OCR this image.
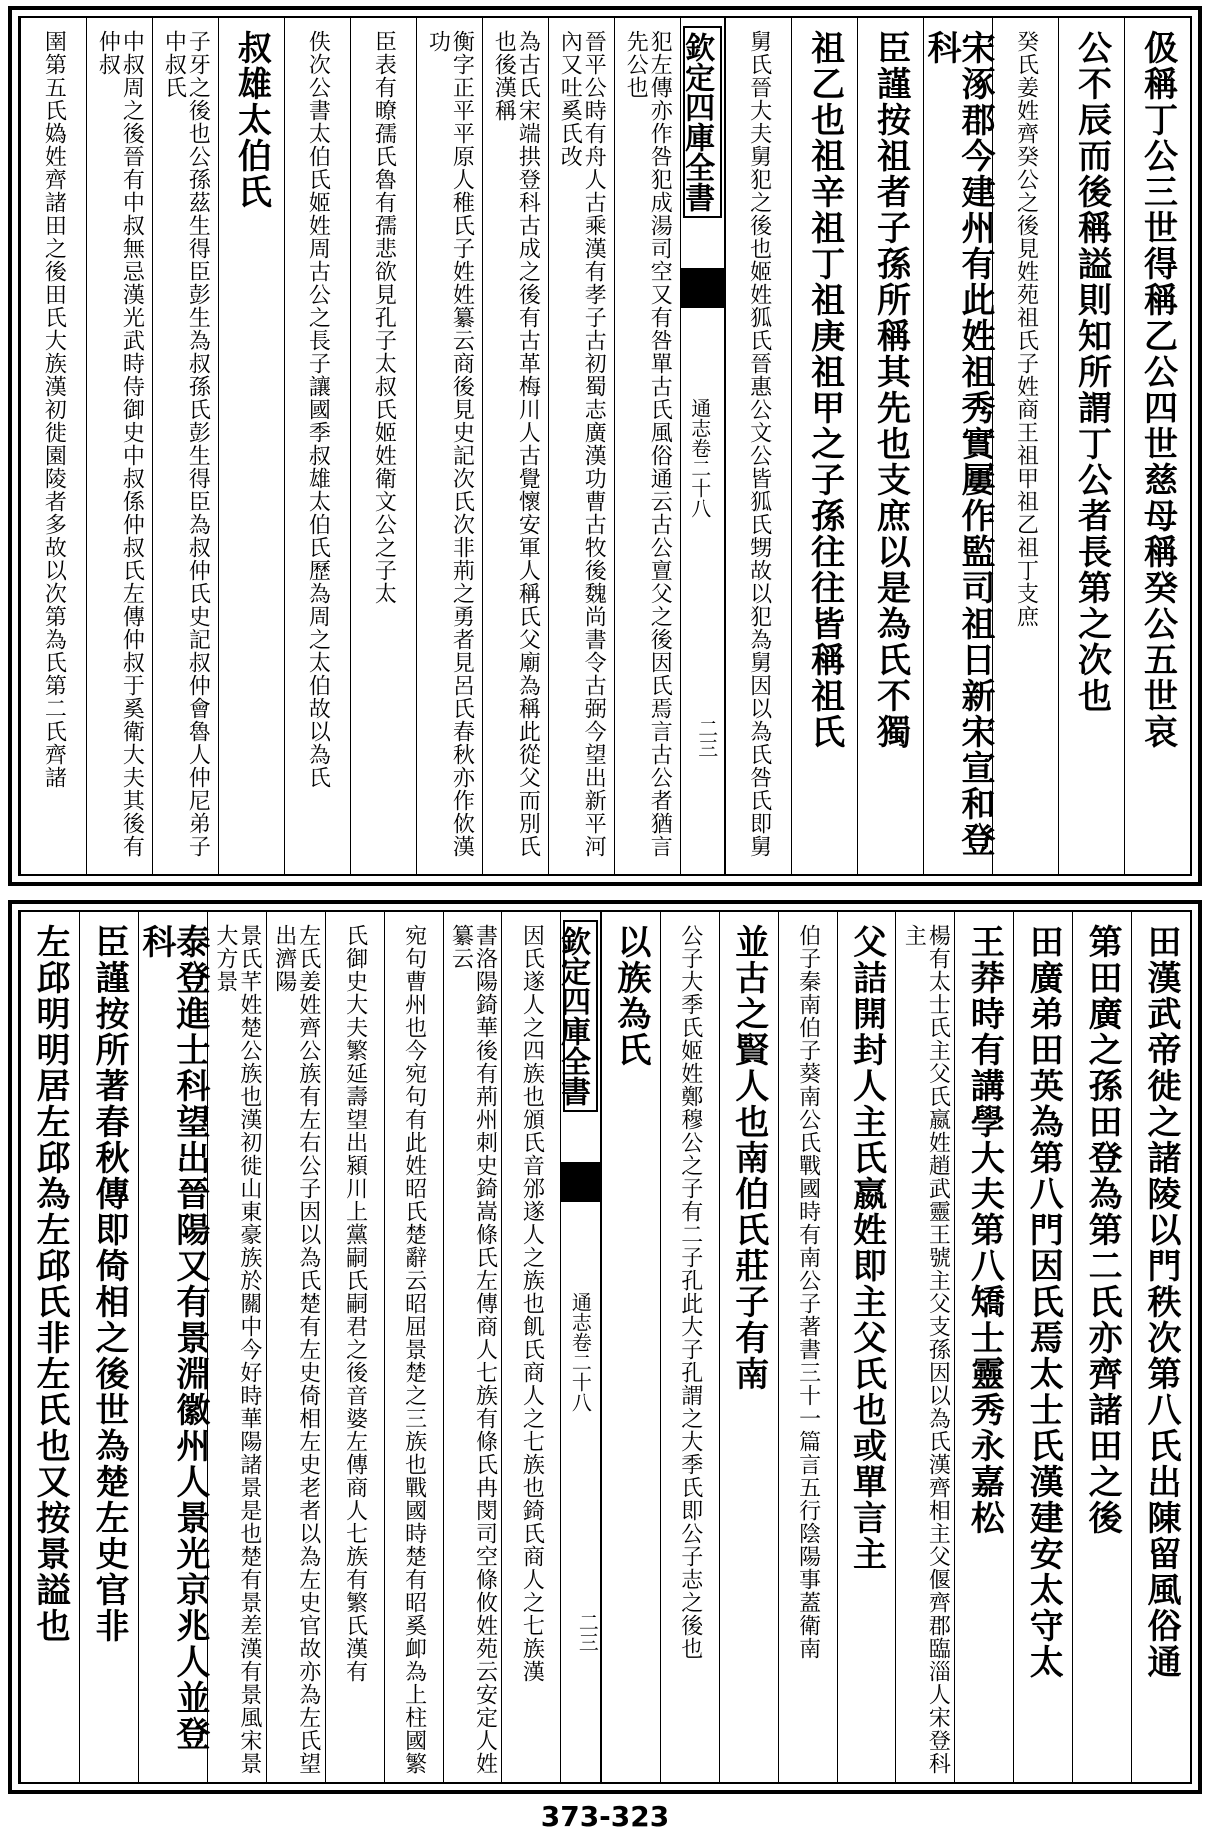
伋稱丁公三世得稱乙公四世慈母稱癸公五世哀
公不辰而後稱謚則知所謂丁公者長第之次也
癸氏姜姓齊癸公之後見姓苑祖氏子姓商王祖甲祖乙祖丁支庶
宋涿郡今建州有此姓祖秀實屢作監司祖日新宋宣和登科
臣謹按祖者子孫所稱其先也支庶以是為氏不獨
祖乙也祖辛祖丁祖庚祖甲之子孫往往皆稱祖氏
舅氏晉大夫舅犯之後也姬姓狐氏晉惠公文公皆狐氏甥故以犯為舅因以為氏咎氏即舅
欽定四庫全書
通志卷二十八
二三
犯左傳亦作咎犯成湯司空又有咎單古氏風俗通云古公亶父之後因氏焉言古公者猶言先公也
晉平公時有舟人古乘漢有孝子古初蜀志廣漢功曹古牧後魏尚書令古弼今望出新平河內又吐奚氏改
為古氏宋端拱登科古成之後有古革梅川人古覺懷安軍人稱氏父廟為稱此從父而別氏也後漢稱
衡字正平平原人稚氏子姓姓纂云商後見史記次氏次非荊之勇者見呂氏春秋亦作佽漢功
臣表有暸孺氏魯有孺悲欲見孔子太叔氏姬姓衛文公之子太
佚次公書太伯氏姬姓周古公之長子讓國季叔雄太伯氏歷為周之太伯故以為氏
叔雄太伯氏
子牙之後也公孫茲生得臣彭生為叔孫氏彭生得臣為叔仲氏史記叔仲會魯人仲尼弟子中叔氏
中叔周之後晉有中叔無忌漢光武時侍御史中叔係仲叔氏左傳仲叔于奚衛大夫其後有仲叔
圉第五氏媯姓齊諸田之後田氏大族漢初徙園陵者多故以次第為氏第二氏齊諸
田漢武帝徙之諸陵以門秩次第八氏出陳留風俗通
第田廣之孫田登為第二氏亦齊諸田之後
田廣弟田英為第八門因氏焉太士氏漢建安太守太
王莽時有講學大夫第八矯士靈秀永嘉松
楊有太士氏主父氏嬴姓趙武靈王號主父支孫因以為氏漢齊相主父偃齊郡臨淄人宋登科主
父詰開封人主氏嬴姓即主父氏也或單言主
伯子秦南伯子葵南公氏戰國時有南公子著書三十一篇言五行陰陽事蓋衛南
並古之賢人也南伯氏莊子有南
公子大季氏姬姓鄭穆公之子有二子孔此大子孔謂之大季氏即公子志之後也
以族為氏
欽定四庫全書
通志卷二十八
二三
因氏遂人之四族也頒氏音邠遂人之族也飢氏商人之七族也錡氏商人之七族漢
書洛陽錡華後有荊州刺史錡嵩條氏左傳商人七族有條氏冉閔司空條攸姓苑云安定人姓纂云
宛句曹州也今宛句有此姓昭氏楚辭云昭屈景楚之三族也戰國時楚有昭奚卹為上柱國繁
氏御史大夫繁延壽望出潁川上黨嗣氏嗣君之後音婆左傳商人七族有繁氏漢有
左氏姜姓齊公族有左右公子因以為氏楚有左史倚相左史老者以為左史官故亦為左氏望出濟陽
景氏芊姓楚公族也漢初徙山東豪族於關中今好時華陽諸景是也楚有景差漢有景風宋景大方景
泰登進士科望出晉陽又有景淵徽州人景光京兆人並登科
臣謹按所著春秋傳即倚相之後世為楚左史官非
左邱明明居左邱為左邱氏非左氏也又按景謚也
373-323
